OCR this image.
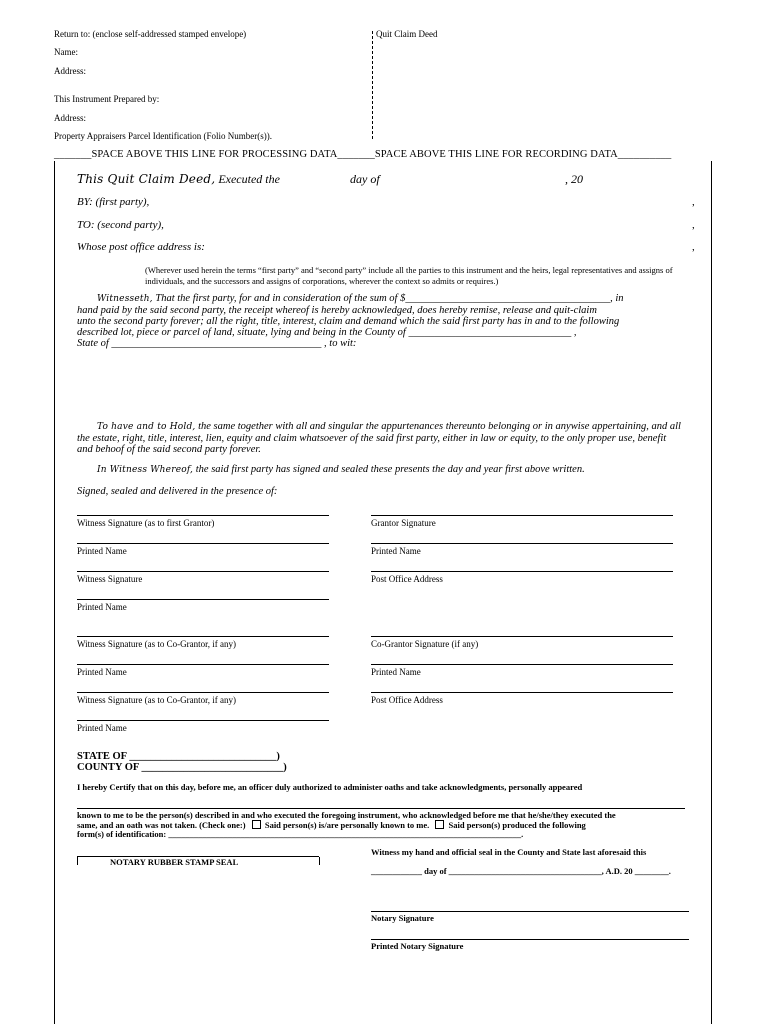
Return to: (enclose self-addressed stamped envelope)
Name:
Address:
This Instrument Prepared by:
Address:
Property Appraisers Parcel Identification (Folio Number(s)).
Quit Claim Deed
_______SPACE ABOVE THIS LINE FOR PROCESSING DATA_______SPACE ABOVE THIS LINE FOR RECORDING DATA__________
This Quit Claim Deed, Executed the	day of	, 20
BY: (first party),	,
TO: (second party),	,
Whose post office address is:	,
(Wherever used herein the terms “first party” and “second party” include all the parties to this instrument and the heirs, legal representatives and assigns of individuals, and the successors and assigns of corporations, wherever the context so admits or requires.)
Witnesseth, That the first party, for and in consideration of the sum of $_______________________________________, in
hand paid by the said second party, the receipt whereof is hereby acknowledged, does hereby remise, release and quit-claim
unto the second party forever; all the right, title, interest, claim and demand which the said first party has in and to the following
described lot, piece or parcel of land, situate, lying and being in the County of _______________________________ ,
State of ________________________________________ , to wit:
To have and to Hold, the same together with all and singular the appurtenances thereunto belonging or in anywise appertaining, and all
the estate, right, title, interest, lien, equity and claim whatsoever of the said first party, either in law or equity, to the only proper use, benefit
and behoof of the said second party forever.
In Witness Whereof, the said first party has signed and sealed these presents the day and year first above written.
Signed, sealed and delivered in the presence of:
Witness Signature (as to first Grantor)
Printed Name
Witness Signature
Printed Name
Witness Signature (as to Co-Grantor, if any)
Printed Name
Witness Signature (as to Co-Grantor, if any)
Printed Name
Grantor Signature
Printed Name
Post Office Address
Co-Grantor Signature (if any)
Printed Name
Post Office Address
STATE OF ____________________________)
COUNTY OF ___________________________)
I hereby Certify that on this day, before me, an officer duly authorized to administer oaths and take acknowledgments, personally appeared
known to me to be the person(s) described in and who executed the foregoing instrument, who acknowledged before me that he/she/they executed the
same, and an oath was not taken. (Check one:) Said person(s) is/are personally known to me. Said person(s) produced the following
form(s) of identification: ___________________________________________________________________________________.
NOTARY RUBBER STAMP SEAL
Witness my hand and official seal in the County and State last aforesaid this
____________ day of ____________________________________, A.D. 20 ________.
Notary Signature
Printed Notary Signature
